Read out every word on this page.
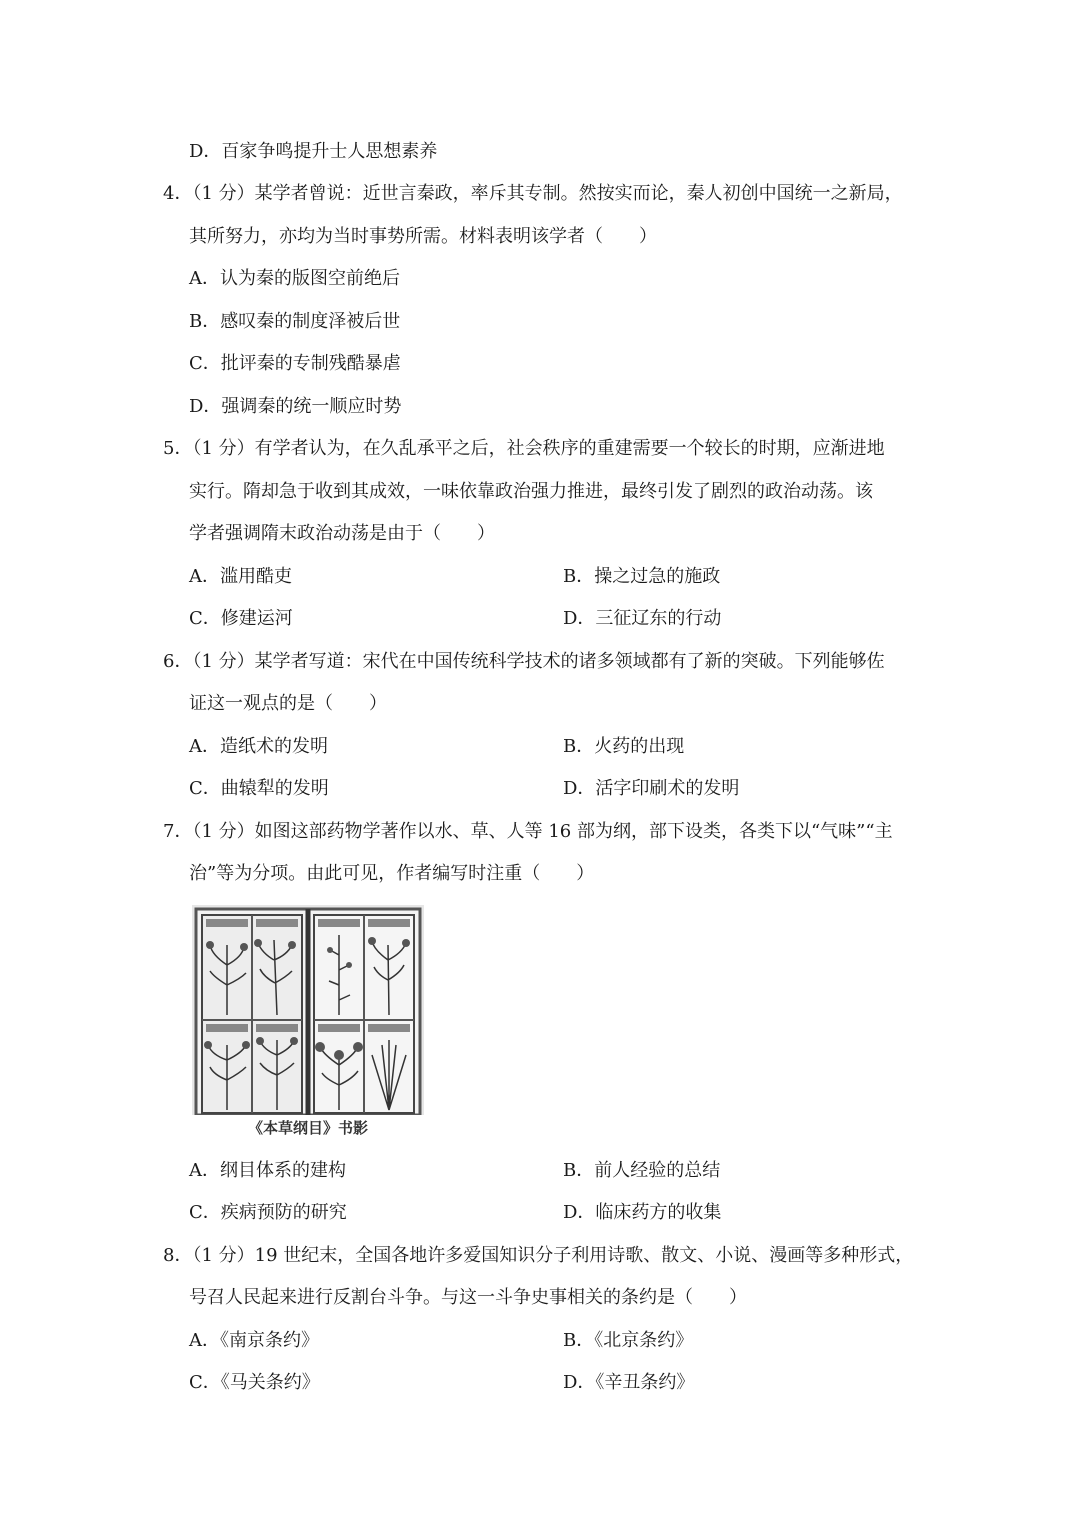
D．百家争鸣提升士人思想素养
4．（1 分）某学者曾说：近世言秦政，率斥其专制。然按实而论，秦人初创中国统一之新局，
其所努力，亦均为当时事势所需。材料表明该学者（　　）
A．认为秦的版图空前绝后
B．感叹秦的制度泽被后世
C．批评秦的专制残酷暴虐
D．强调秦的统一顺应时势
5．（1 分）有学者认为，在久乱承平之后，社会秩序的重建需要一个较长的时期，应渐进地
实行。隋却急于收到其成效，一味依靠政治强力推进，最终引发了剧烈的政治动荡。该
学者强调隋末政治动荡是由于（　　）
A．滥用酷吏	B．操之过急的施政
C．修建运河	D．三征辽东的行动
6．（1 分）某学者写道：宋代在中国传统科学技术的诸多领域都有了新的突破。下列能够佐
证这一观点的是（　　）
A．造纸术的发明	B．火药的出现
C．曲辕犁的发明	D．活字印刷术的发明
7．（1 分）如图这部药物学著作以水、草、人等 16 部为纲，部下设类，各类下以“气味”“主
治”等为分项。由此可见，作者编写时注重（　　）
《本草纲目》书影
A．纲目体系的建构	B．前人经验的总结
C．疾病预防的研究	D．临床药方的收集
8．（1 分）19 世纪末，全国各地许多爱国知识分子利用诗歌、散文、小说、漫画等多种形式，
号召人民起来进行反割台斗争。与这一斗争史事相关的条约是（　　）
A．《南京条约》	B．《北京条约》
C．《马关条约》	D．《辛丑条约》
